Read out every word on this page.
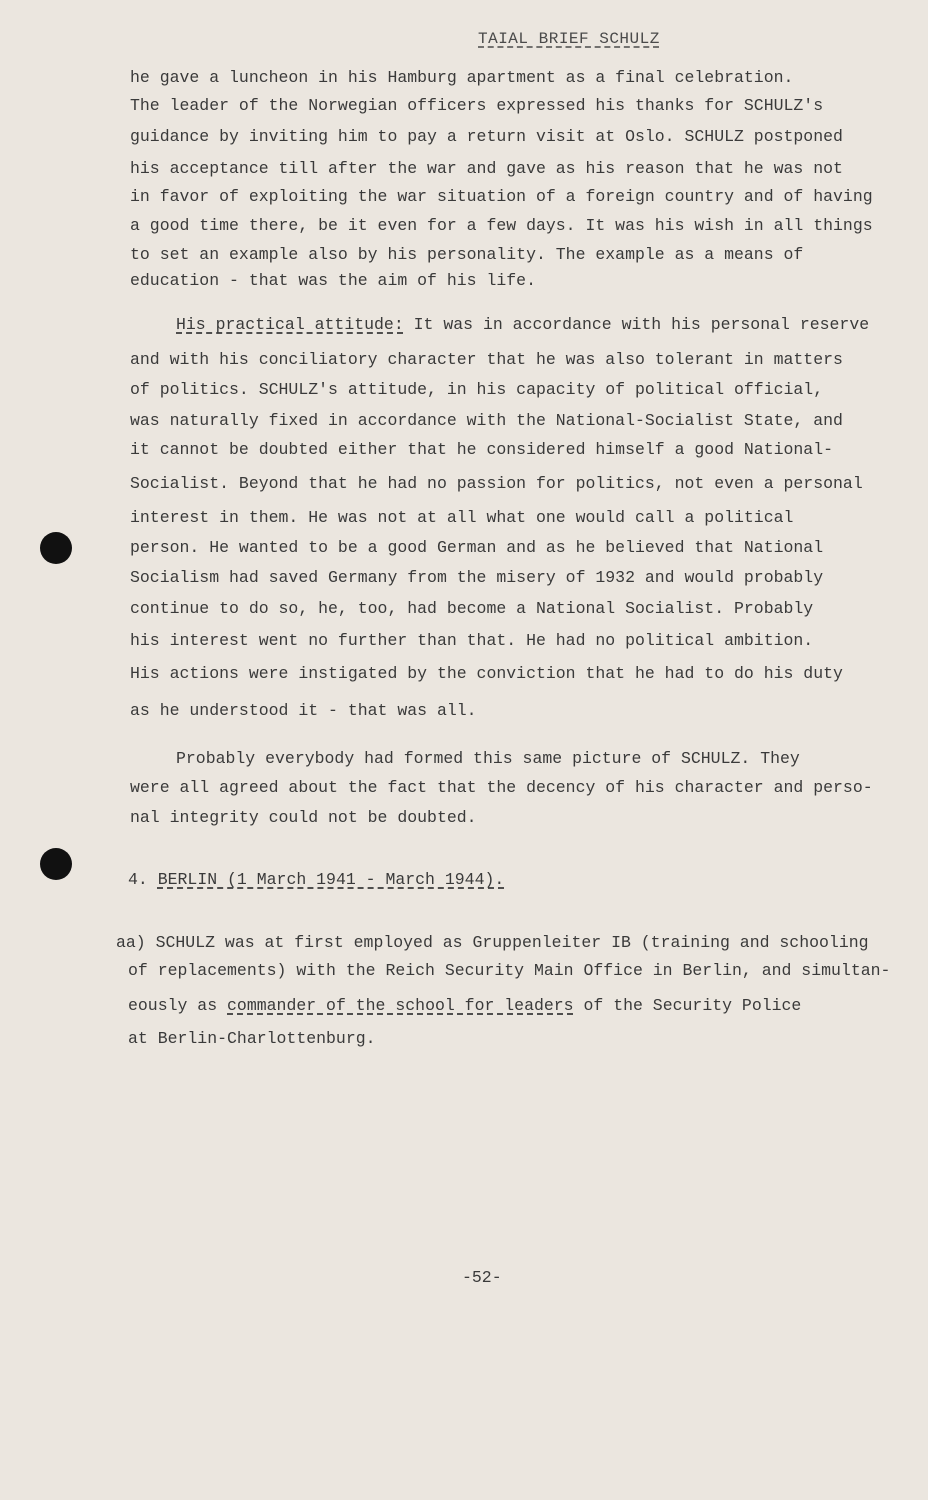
TAIAL BRIEF SCHULZ

he gave a luncheon in his Hamburg apartment as a final celebration.

The leader of the Norwegian officers expressed his thanks for SCHULZ's

guidance by inviting him to pay a return visit at Oslo. SCHULZ postponed

his acceptance till after the war and gave as his reason that he was not

in favor of exploiting the war situation of a foreign country and of having

a good time there, be it even for a few days. It was his wish in all things

to set an example also by his personality. The example as a means of

education - that was the aim of his life.

His practical attitude: It was in accordance with his personal reserve

and with his conciliatory character that he was also tolerant in matters

of politics. SCHULZ's attitude, in his capacity of political official,

was naturally fixed in accordance with the National-Socialist State, and

it cannot be doubted either that he considered himself a good National-

Socialist. Beyond that he had no passion for politics, not even a personal

interest in them. He was not at all what one would call a political

person. He wanted to be a good German and as he believed that National

Socialism had saved Germany from the misery of 1932 and would probably

continue to do so, he, too, had become a National Socialist. Probably

his interest went no further than that. He had no political ambition.

His actions were instigated by the conviction that he had to do his duty

as he understood it - that was all.

Probably everybody had formed this same picture of SCHULZ. They

were all agreed about the fact that the decency of his character and perso-

nal integrity could not be doubted.

4. BERLIN (1 March 1941 - March 1944).

aa) SCHULZ was at first employed as Gruppenleiter IB (training and schooling

of replacements) with the Reich Security Main Office in Berlin, and simultan-

eously as commander of the school for leaders of the Security Police

at Berlin-Charlottenburg.

-52-
